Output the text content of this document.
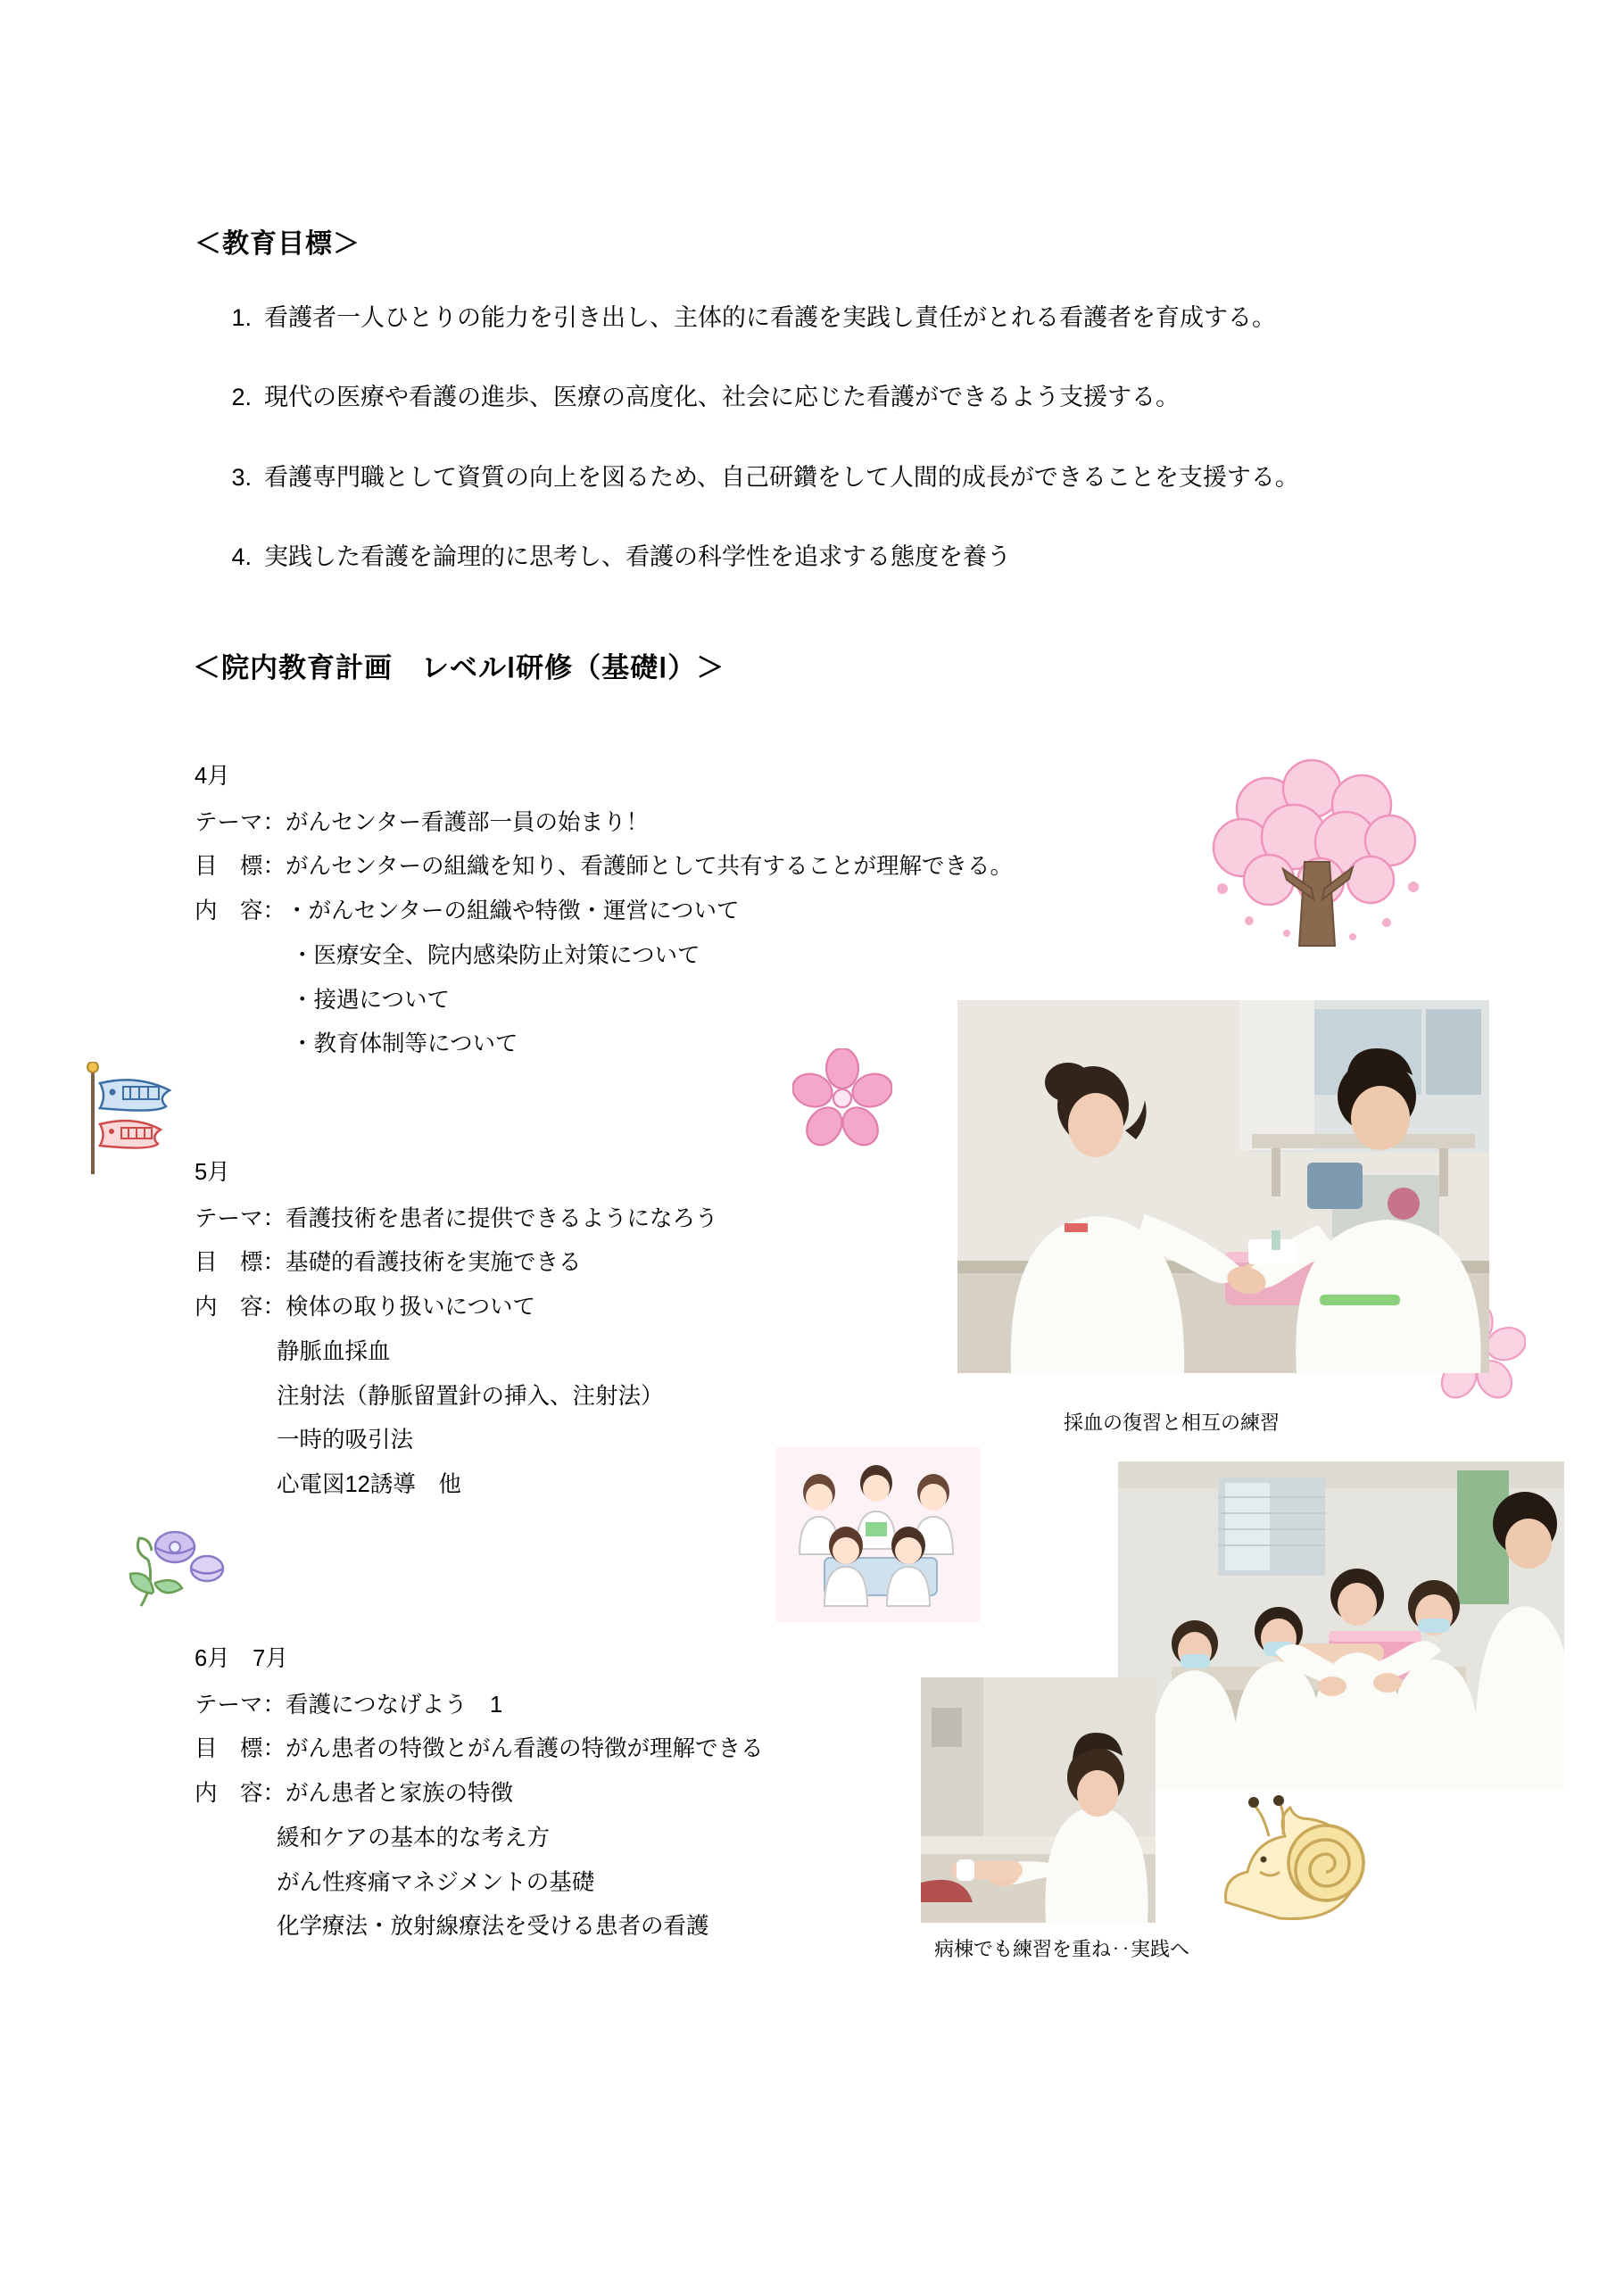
＜教育目標＞
1. 看護者一人ひとりの能力を引き出し、主体的に看護を実践し責任がとれる看護者を育成する。
2. 現代の医療や看護の進歩、医療の高度化、社会に応じた看護ができるよう支援する。
3. 看護専門職として資質の向上を図るため、自己研鑽をして人間的成長ができることを支援する。
4. 実践した看護を論理的に思考し、看護の科学性を追求する態度を養う
＜院内教育計画　レベルⅠ研修（基礎Ⅰ）＞
4月
テーマ： がんセンター看護部一員の始まり！
目　標： がんセンターの組織を知り、看護師として共有することが理解できる。
内　容： ・がんセンターの組織や特徴・運営について
・医療安全、院内感染防止対策について
・接遇について
・教育体制等について
5月
テーマ： 看護技術を患者に提供できるようになろう
目　標： 基礎的看護技術を実施できる
内　容： 検体の取り扱いについて
静脈血採血
注射法（静脈留置針の挿入、注射法）
一時的吸引法
心電図12誘導　他
6月　7月
テーマ： 看護につなげよう　1
目　標： がん患者の特徴とがん看護の特徴が理解できる
内　容： がん患者と家族の特徴
緩和ケアの基本的な考え方
がん性疼痛マネジメントの基礎
化学療法・放射線療法を受ける患者の看護
採血の復習と相互の練習
病棟でも練習を重ね‥実践へ
